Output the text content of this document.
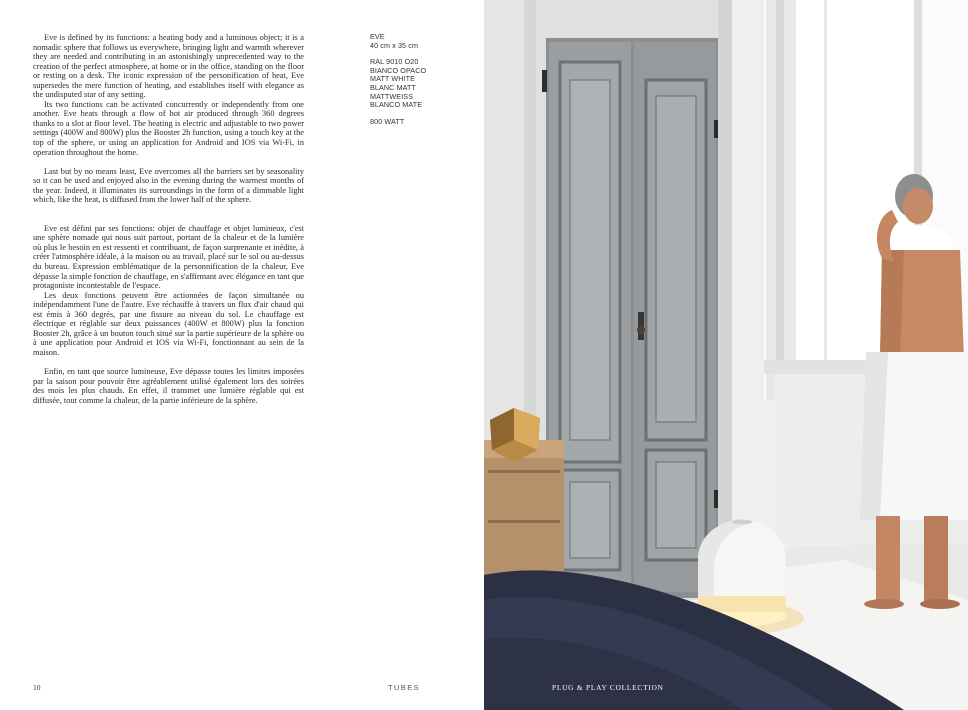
Eve is defined by its functions: a heating body and a luminous object; it is a nomadic sphere that follows us everywhere, bringing light and warmth wherever they are needed and contributing in an astonishingly unprecedented way to the creation of the perfect atmosphere, at home or in the office, standing on the floor or resting on a desk. The iconic expression of the personification of heat, Eve supersedes the mere function of heating, and establishes itself with elegance as the undisputed star of any setting.

Its two functions can be activated concurrently or independently from one another. Eve heats through a flow of hot air produced through 360 degrees thanks to a slot at floor level. The heating is electric and adjustable to two power settings (400W and 800W) plus the Booster 2h function, using a touch key at the top of the sphere, or using an application for Android and IOS via Wi-Fi, in operation throughout the home.

Last but by no means least, Eve overcomes all the barriers set by seasonality so it can be used and enjoyed also in the evening during the warmest months of the year. Indeed, it illuminates its surroundings in the form of a dimmable light which, like the heat, is diffused from the lower half of the sphere.

Eve est défini par ses fonctions: objet de chauffage et objet lumineux, c'est une sphère nomade qui nous suit partout, portant de la chaleur et de la lumière où plus le besoin en est ressenti et contribuant, de façon surprenante et inédite, à créer l'atmosphère idéale, à la maison ou au travail, placé sur le sol ou au-dessus du bureau. Expression emblématique de la personnification de la chaleur, Eve dépasse la simple fonction de chauffage, en s'affirmant avec élégance en tant que protagoniste incontestable de l'espace.

Les deux fonctions peuvent être actionnées de façon simultanée ou indépendamment l'une de l'autre. Eve réchauffe à travers un flux d'air chaud qui est émis à 360 degrés, par une fissure au niveau du sol. Le chauffage est électrique et réglable sur deux puissances (400W et 800W) plus la fonction Booster 2h, grâce à un bouton touch situé sur la partie supérieure de la sphère ou à une application pour Android et IOS via Wi-Fi, fonctionnant au sein de la maison.

Enfin, en tant que source lumineuse, Eve dépasse toutes les limites imposées par la saison pour pouvoir être agréablement utilisé également lors des soirées des mois les plus chauds. En effet, il transmet une lumière réglable qui est diffusée, tout comme la chaleur, de la partie inférieure de la sphère.

EVE
40 cm x 35 cm
RAL 9010 O20
BIANCO OPACO
MATT WHITE
BLANC MATT
MATTWEISS
BLANCO MATE
800 WATT
10	TUBES	PLUG & PLAY COLLECTION	11
